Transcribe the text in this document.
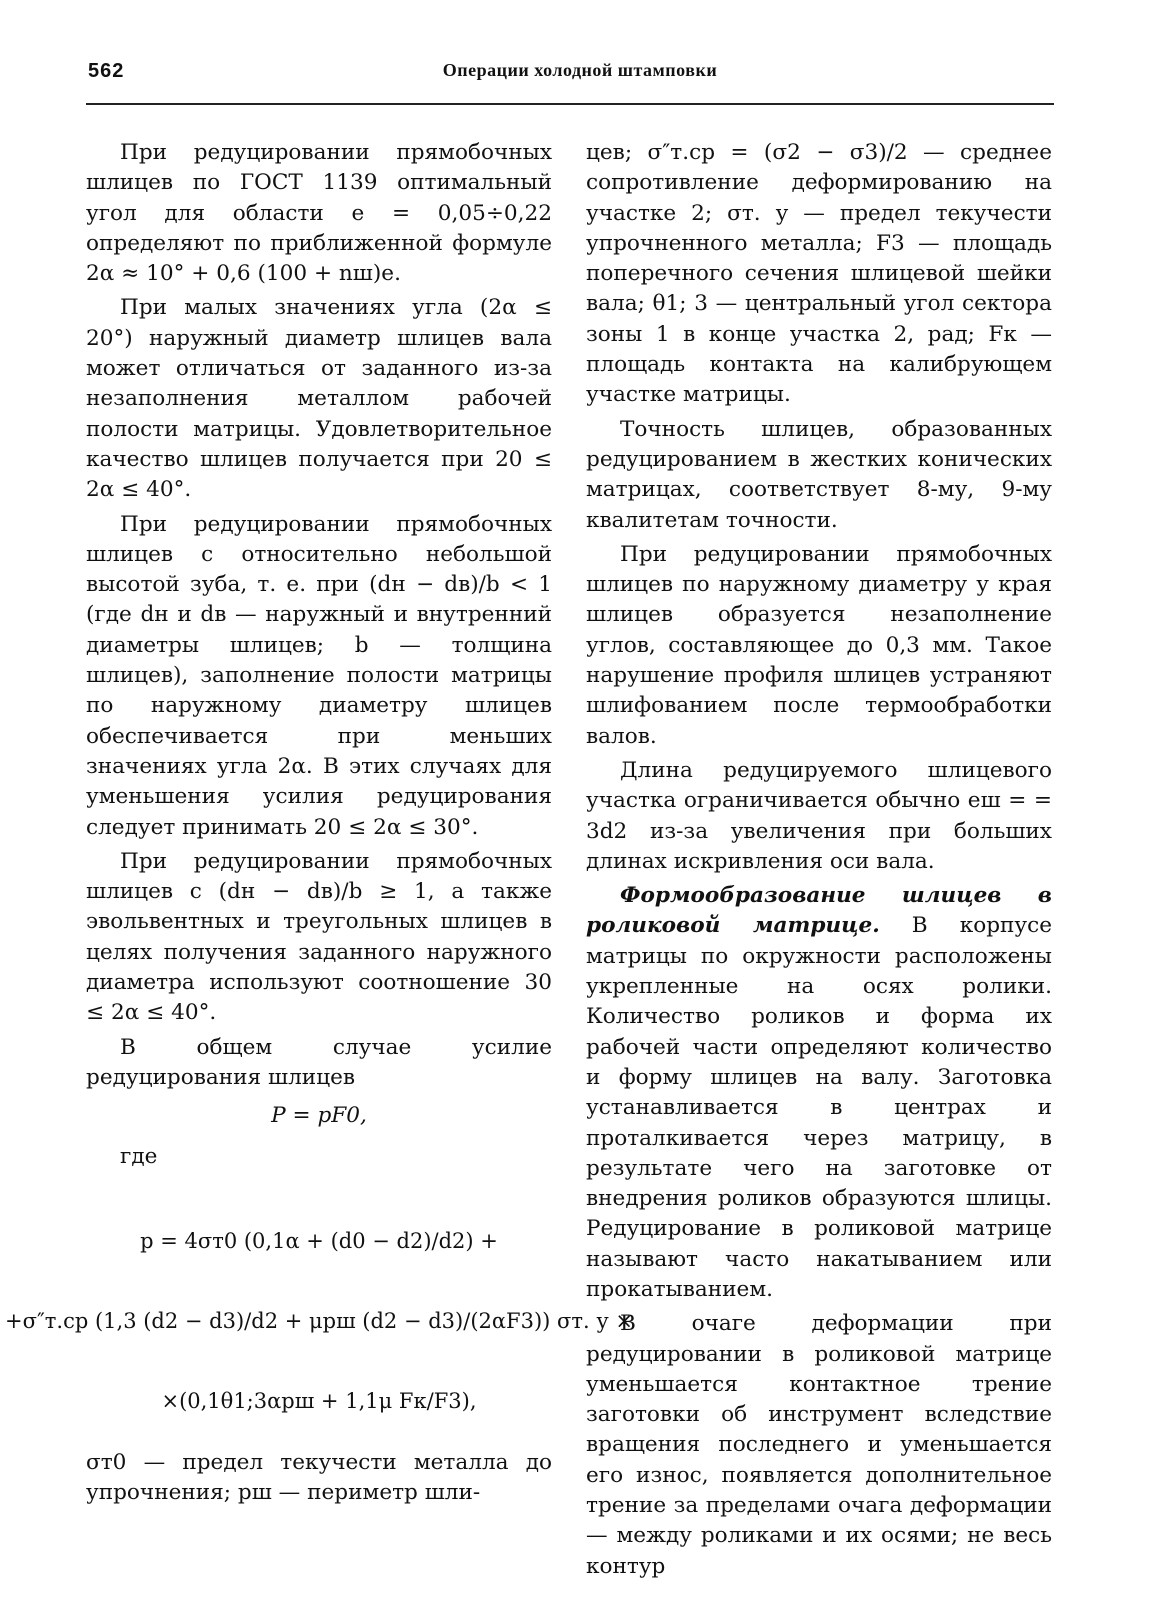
562	Операции холодной штамповки

При редуцировании прямобочных шлицев по ГОСТ 1139 оптимальный угол для области e = 0,05÷0,22 определяют по приближенной формуле 2α ≈ 10° + 0,6 (100 + nш)e.

При малых значениях угла (2α ≤ 20°) наружный диаметр шлицев вала может отличаться от заданного из-за незаполнения металлом рабочей полости матрицы. Удовлетворительное качество шлицев получается при 20 ≤ 2α ≤ 40°.

При редуцировании прямобочных шлицев с относительно небольшой высотой зуба, т. е. при (dн − dв)/b < 1 (где dн и dв — наружный и внутренний диаметры шлицев; b — толщина шлицев), заполнение полости матрицы по наружному диаметру шлицев обеспечивается при меньших значениях угла 2α. В этих случаях для уменьшения усилия редуцирования следует принимать 20 ≤ 2α ≤ 30°.

При редуцировании прямобочных шлицев с (dн − dв)/b ≥ 1, а также эвольвентных и треугольных шлицев в целях получения заданного наружного диаметра используют соотношение 30 ≤ 2α ≤ 40°.

В общем случае усилие редуцирования шлицев

P = pF0,
где
p = 4σт0 (0,1α + (d0 − d2)/d2) +
+σ″т.ср (1,3 (d2 − d3)/d2 + μpш (d2 − d3)/(2αF3)) σт. у ×
×(0,1θ1;3αpш + 1,1μ Fк/F3),

σт0 — предел текучести металла до упрочнения; pш — периметр шли-

цев; σ″т.ср = (σ2 − σ3)/2 — среднее сопротивление деформированию на участке 2; σт. у — предел текучести упрочненного металла; F3 — площадь поперечного сечения шлицевой шейки вала; θ1; 3 — центральный угол сектора зоны 1 в конце участка 2, рад; Fк — площадь контакта на калибрующем участке матрицы.

Точность шлицев, образованных редуцированием в жестких конических матрицах, соответствует 8-му, 9-му квалитетам точности.

При редуцировании прямобочных шлицев по наружному диаметру у края шлицев образуется незаполнение углов, составляющее до 0,3 мм. Такое нарушение профиля шлицев устраняют шлифованием после термообработки валов.

Длина редуцируемого шлицевого участка ограничивается обычно eш = = 3d2 из-за увеличения при больших длинах искривления оси вала.

Формообразование шлицев в роликовой матрице. В корпусе матрицы по окружности расположены укрепленные на осях ролики. Количество роликов и форма их рабочей части определяют количество и форму шлицев на валу. Заготовка устанавливается в центрах и проталкивается через матрицу, в результате чего на заготовке от внедрения роликов образуются шлицы. Редуцирование в роликовой матрице называют часто накатыванием или прокатыванием.

В очаге деформации при редуцировании в роликовой матрице уменьшается контактное трение заготовки об инструмент вследствие вращения последнего и уменьшается его износ, появляется дополнительное трение за пределами очага деформации — между роликами и их осями; не весь контур
